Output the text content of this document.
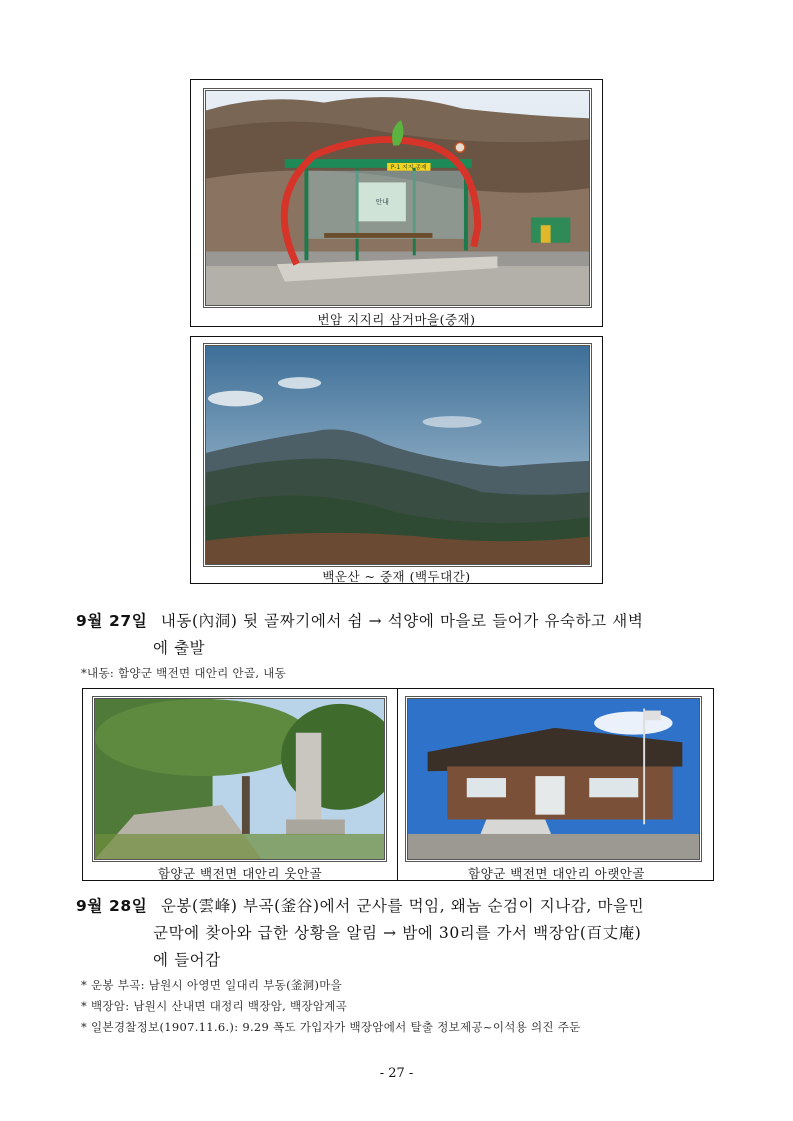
P-1 지지 종재
안내
번암 지지리 삼거마을(중재)
백운산 ~ 중재 (백두대간)
9월 27일 내동(內洞) 뒷 골짜기에서 쉼 → 석양에 마을로 들어가 유숙하고 새벽
에 출발
*내동: 함양군 백전면 대안리 안골, 내동
함양군 백전면 대안리 웃안골	함양군 백전면 대안리 아랫안골
9월 28일 운봉(雲峰) 부곡(釜谷)에서 군사를 먹임, 왜놈 순검이 지나감, 마을민
군막에 찾아와 급한 상황을 알림 → 밤에 30리를 가서 백장암(百丈庵)
에 들어감
* 운봉 부곡: 남원시 아영면 일대리 부동(釜洞)마을
* 백장암: 남원시 산내면 대정리 백장암, 백장암계곡
* 일본경찰정보(1907.11.6.): 9.29 폭도 가입자가 백장암에서 탈출 정보제공~이석용 의진 주둔
- 27 -
